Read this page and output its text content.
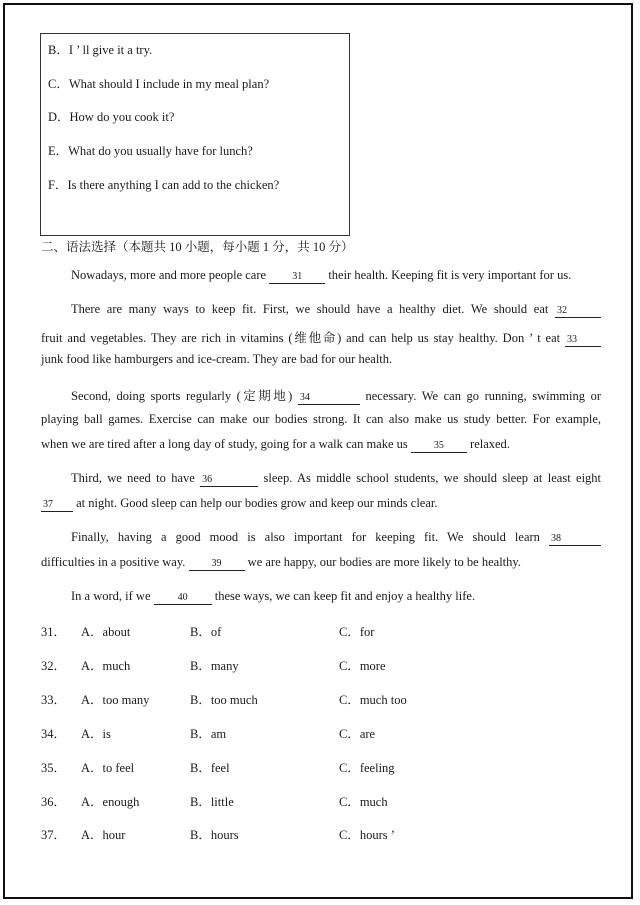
B．I ’ ll give it a try.
C．What should I include in my meal plan?
D．How do you cook it?
E．What do you usually have for lunch?
F．Is there anything I can add to the chicken?
二、语法选择（本题共 10 小题，每小题 1 分，共 10 分）
Nowadays, more and more people care	31 their health. Keeping fit is very important for us.
There are many ways to keep fit. First, we should have a healthy diet. We should eat 32
fruit and vegetables. They are rich in vitamins (维他命) and can help us stay healthy. Don ’ t eat 33
junk food like hamburgers and ice-cream. They are bad for our health.
Second, doing sports regularly (定期地) 34	necessary. We can go running, swimming or
playing ball games. Exercise can make our bodies strong. It can also make us study better. For example,
when we are tired after a long day of study, going for a walk can make us	35 relaxed.
Third, we need to have 36	sleep. As middle school students, we should sleep at least eight
37 at night. Good sleep can help our bodies grow and keep our minds clear.
Finally, having a good mood is also important for keeping fit. We should learn 38
difficulties in a positive way.	39 we are happy, our bodies are more likely to be healthy.
In a word, if we	40 these ways, we can keep fit and enjoy a healthy life.
31． A．about	B．of	C．for
32． A．much	B．many	C．more
33． A．too many	B．too much	C．much too
34． A．is	B．am	C．are
35． A．to feel	B．feel	C．feeling
36． A．enough	B．little	C．much
37． A．hour	B．hours	C．hours ’
